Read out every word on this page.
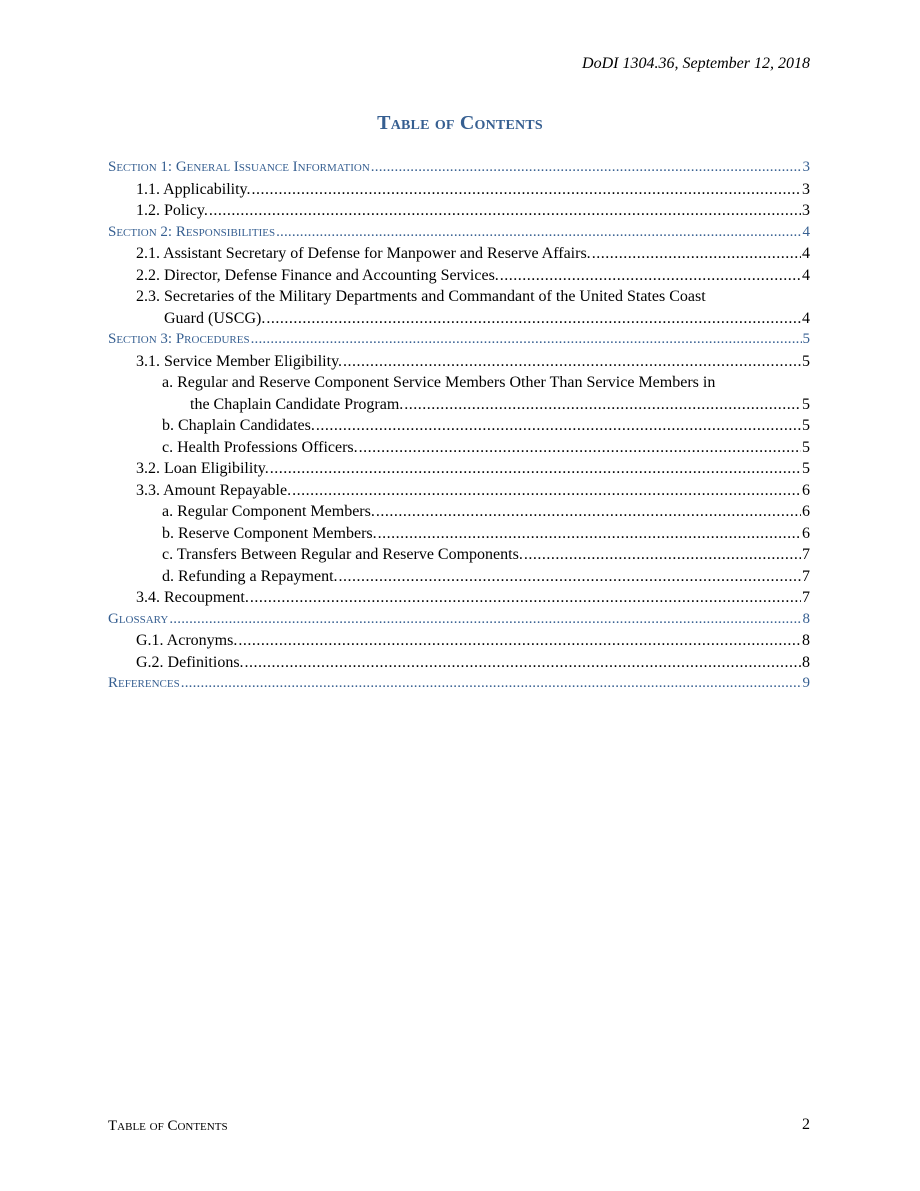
DoDI 1304.36, September 12, 2018
Table of Contents
Section 1: General Issuance Information .....	3
1.1. Applicability. .....	3
1.2. Policy. .....	3
Section 2: Responsibilities .....	4
2.1. Assistant Secretary of Defense for Manpower and Reserve Affairs. .....	4
2.2. Director, Defense Finance and Accounting Services. .....	4
2.3. Secretaries of the Military Departments and Commandant of the United States Coast
Guard (USCG). .....	4
Section 3: Procedures .....	5
3.1. Service Member Eligibility. .....	5
a. Regular and Reserve Component Service Members Other Than Service Members in
the Chaplain Candidate Program. .....	5
b. Chaplain Candidates. .....	5
c. Health Professions Officers. .....	5
3.2. Loan Eligibility. .....	5
3.3. Amount Repayable. .....	6
a. Regular Component Members. .....	6
b. Reserve Component Members. .....	6
c. Transfers Between Regular and Reserve Components. .....	7
d. Refunding a Repayment. .....	7
3.4. Recoupment. .....	7
Glossary .....	8
G.1. Acronyms. .....	8
G.2. Definitions. .....	8
References .....	9
Table of Contents	2
